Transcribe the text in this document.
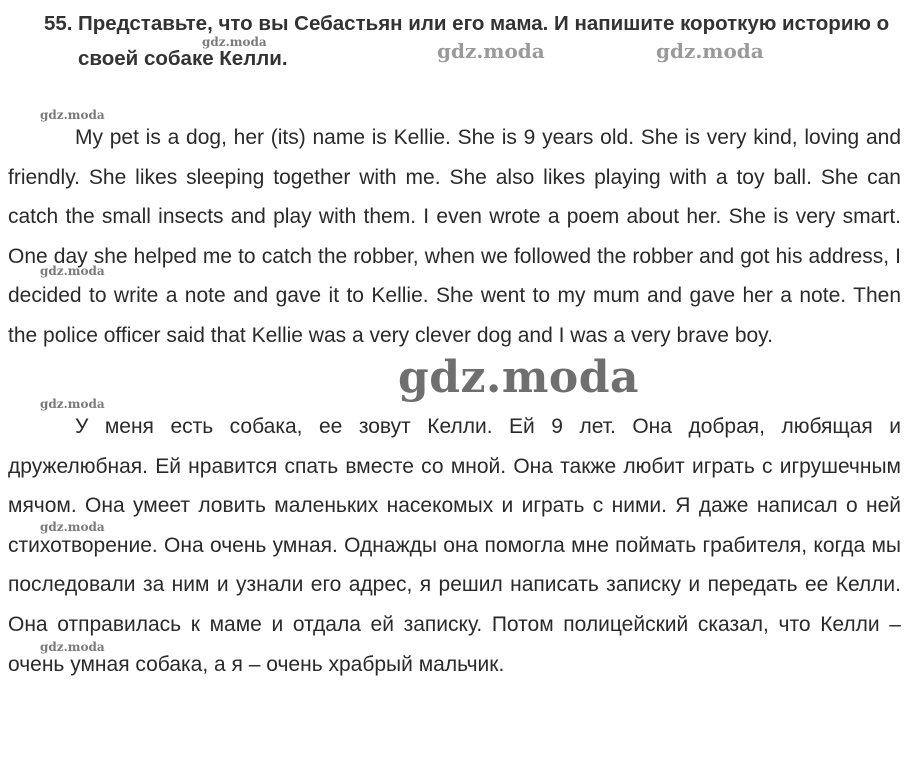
55. Представьте, что вы Себастьян или его мама. И напишите короткую историю о своей собаке Келли.

My pet is a dog, her (its) name is Kellie. She is 9 years old. She is very kind, loving and friendly. She likes sleeping together with me. She also likes playing with a toy ball. She can catch the small insects and play with them. I even wrote a poem about her. She is very smart. One day she helped me to catch the robber, when we followed the robber and got his address, I decided to write a note and gave it to Kellie. She went to my mum and gave her a note. Then the police officer said that Kellie was a very clever dog and I was a very brave boy.

У меня есть собака, ее зовут Келли. Ей 9 лет. Она добрая, любящая и дружелюбная. Ей нравится спать вместе со мной. Она также любит играть с игрушечным мячом. Она умеет ловить маленьких насекомых и играть с ними. Я даже написал о ней стихотворение. Она очень умная. Однажды она помогла мне поймать грабителя, когда мы последовали за ним и узнали его адрес, я решил написать записку и передать ее Келли. Она отправилась к маме и отдала ей записку. Потом полицейский сказал, что Келли – очень умная собака, а я – очень храбрый мальчик.

gdz.moda	gdz.moda	gdz.moda
gdz.moda
gdz.moda
gdz.moda
gdz.moda
gdz.moda
gdz.moda
